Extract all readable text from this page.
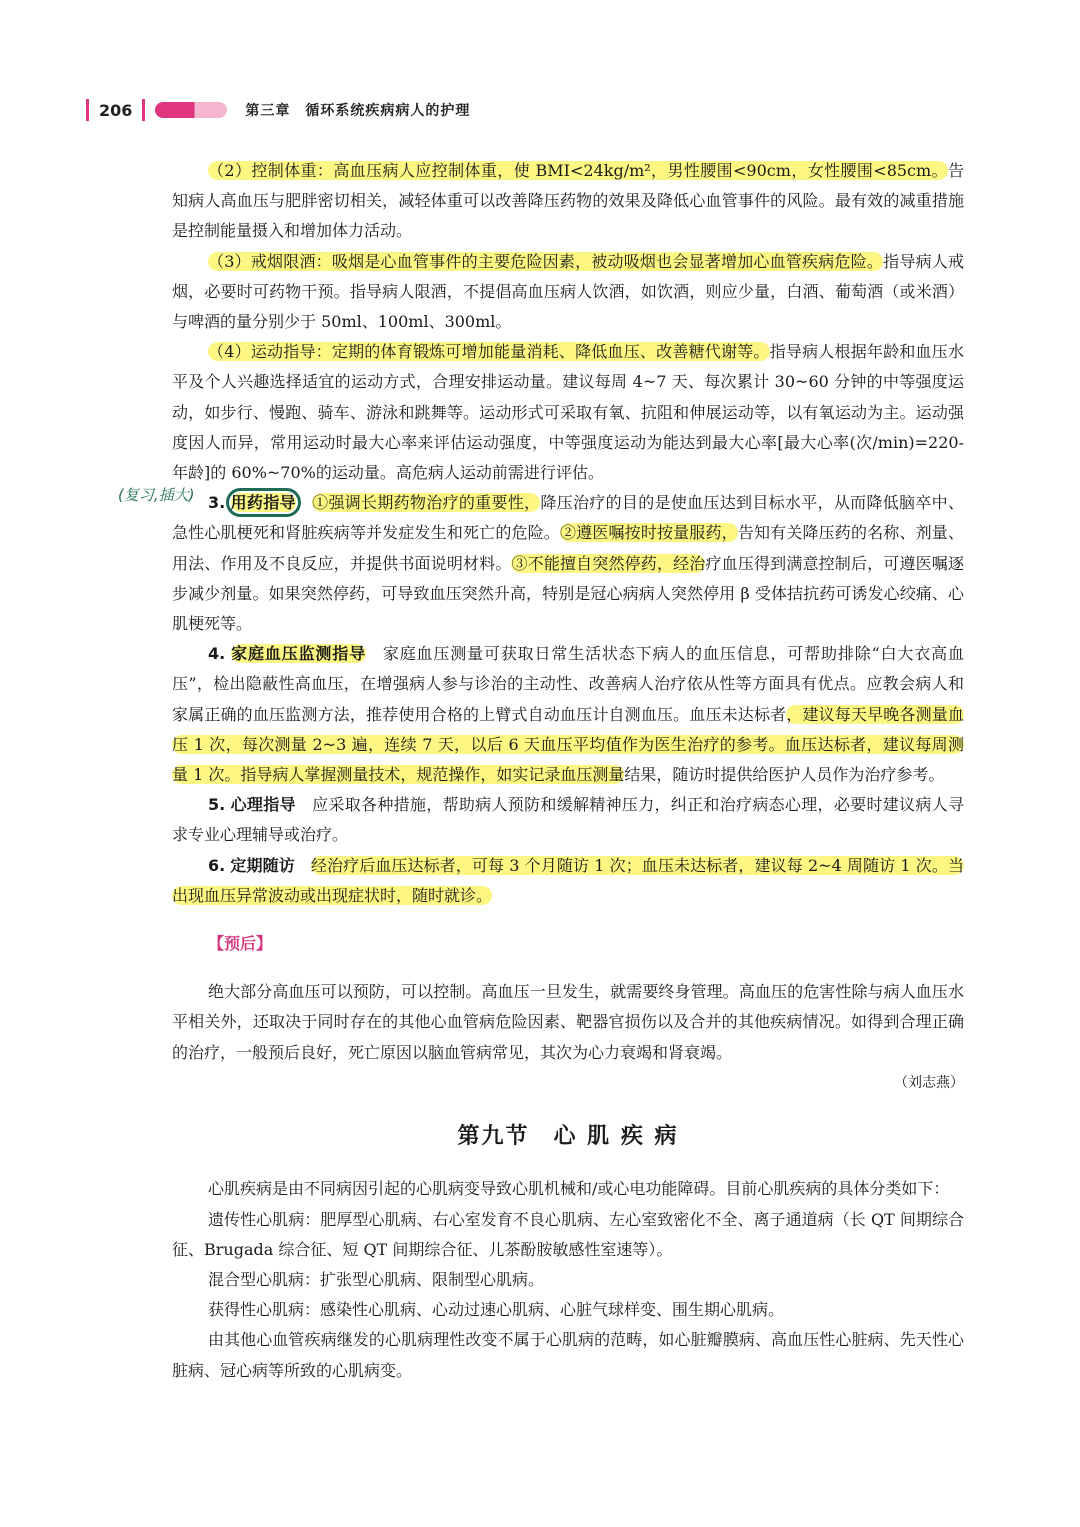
206	第三章　循环系统疾病病人的护理
(复习,插大)

（2）控制体重：高血压病人应控制体重，使 BMI<24kg/m²，男性腰围<90cm，女性腰围<85cm。告知病人高血压与肥胖密切相关，减轻体重可以改善降压药物的效果及降低心血管事件的风险。最有效的减重措施是控制能量摄入和增加体力活动。

（3）戒烟限酒：吸烟是心血管事件的主要危险因素，被动吸烟也会显著增加心血管疾病危险。指导病人戒烟，必要时可药物干预。指导病人限酒，不提倡高血压病人饮酒，如饮酒，则应少量，白酒、葡萄酒（或米酒）与啤酒的量分别少于 50ml、100ml、300ml。

（4）运动指导：定期的体育锻炼可增加能量消耗、降低血压、改善糖代谢等。指导病人根据年龄和血压水平及个人兴趣选择适宜的运动方式，合理安排运动量。建议每周 4~7 天、每次累计 30~60 分钟的中等强度运动，如步行、慢跑、骑车、游泳和跳舞等。运动形式可采取有氧、抗阻和伸展运动等，以有氧运动为主。运动强度因人而异，常用运动时最大心率来评估运动强度，中等强度运动为能达到最大心率[最大心率(次/min)=220-年龄]的 60%~70%的运动量。高危病人运动前需进行评估。

3. 用药指导　 ①强调长期药物治疗的重要性，降压治疗的目的是使血压达到目标水平，从而降低脑卒中、急性心肌梗死和肾脏疾病等并发症发生和死亡的危险。②遵医嘱按时按量服药，告知有关降压药的名称、剂量、用法、作用及不良反应，并提供书面说明材料。③不能擅自突然停药，经治疗血压得到满意控制后，可遵医嘱逐步减少剂量。如果突然停药，可导致血压突然升高，特别是冠心病病人突然停用 β 受体拮抗药可诱发心绞痛、心肌梗死等。

4. 家庭血压监测指导　 家庭血压测量可获取日常生活状态下病人的血压信息，可帮助排除“白大衣高血压”，检出隐蔽性高血压，在增强病人参与诊治的主动性、改善病人治疗依从性等方面具有优点。应教会病人和家属正确的血压监测方法，推荐使用合格的上臂式自动血压计自测血压。血压未达标者，建议每天早晚各测量血压 1 次，每次测量 2~3 遍，连续 7 天，以后 6 天血压平均值作为医生治疗的参考。血压达标者，建议每周测量 1 次。指导病人掌握测量技术，规范操作，如实记录血压测量结果，随访时提供给医护人员作为治疗参考。

5. 心理指导　 应采取各种措施，帮助病人预防和缓解精神压力，纠正和治疗病态心理，必要时建议病人寻求专业心理辅导或治疗。

6. 定期随访　 经治疗后血压达标者，可每 3 个月随访 1 次；血压未达标者，建议每 2~4 周随访 1 次。当出现血压异常波动或出现症状时，随时就诊。

【预后】

绝大部分高血压可以预防，可以控制。高血压一旦发生，就需要终身管理。高血压的危害性除与病人血压水平相关外，还取决于同时存在的其他心血管病危险因素、靶器官损伤以及合并的其他疾病情况。如得到合理正确的治疗，一般预后良好，死亡原因以脑血管病常见，其次为心力衰竭和肾衰竭。

（刘志燕）

第九节　心 肌 疾 病

心肌疾病是由不同病因引起的心肌病变导致心肌机械和/或心电功能障碍。目前心肌疾病的具体分类如下：

遗传性心肌病：肥厚型心肌病、右心室发育不良心肌病、左心室致密化不全、离子通道病（长 QT 间期综合征、Brugada 综合征、短 QT 间期综合征、儿茶酚胺敏感性室速等）。

混合型心肌病：扩张型心肌病、限制型心肌病。

获得性心肌病：感染性心肌病、心动过速心肌病、心脏气球样变、围生期心肌病。

由其他心血管疾病继发的心肌病理性改变不属于心肌病的范畴，如心脏瓣膜病、高血压性心脏病、先天性心脏病、冠心病等所致的心肌病变。
